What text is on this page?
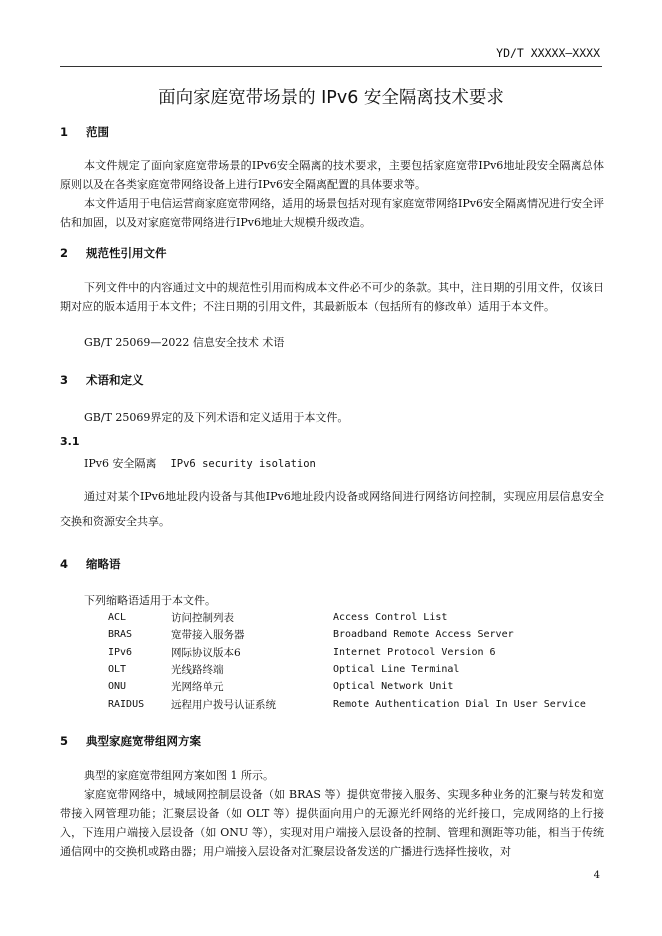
YD/T XXXXX—XXXX
面向家庭宽带场景的 IPv6 安全隔离技术要求
1 范围

本文件规定了面向家庭宽带场景的IPv6安全隔离的技术要求，主要包括家庭宽带IPv6地址段安全隔离总体原则以及在各类家庭宽带网络设备上进行IPv6安全隔离配置的具体要求等。

本文件适用于电信运营商家庭宽带网络，适用的场景包括对现有家庭宽带网络IPv6安全隔离情况进行安全评估和加固，以及对家庭宽带网络进行IPv6地址大规模升级改造。

2 规范性引用文件

下列文件中的内容通过文中的规范性引用而构成本文件必不可少的条款。其中，注日期的引用文件，仅该日期对应的版本适用于本文件；不注日期的引用文件，其最新版本（包括所有的修改单）适用于本文件。

GB/T 25069—2022 信息安全技术 术语
3 术语和定义
GB/T 25069界定的及下列术语和定义适用于本文件。
3.1
IPv6 安全隔离 IPv6 security isolation

通过对某个IPv6地址段内设备与其他IPv6地址段内设备或网络间进行网络访问控制，实现应用层信息安全交换和资源安全共享。

4 缩略语
下列缩略语适用于本文件。
ACL	访问控制列表	Access Control List
BRAS	宽带接入服务器	Broadband Remote Access Server
IPv6	网际协议版本6	Internet Protocol Version 6
OLT	光线路终端	Optical Line Terminal
ONU	光网络单元	Optical Network Unit
RAIDUS	远程用户拨号认证系统	Remote Authentication Dial In User Service
5 典型家庭宽带组网方案

典型的家庭宽带组网方案如图 1 所示。

家庭宽带网络中，城域网控制层设备（如 BRAS 等）提供宽带接入服务、实现多种业务的汇聚与转发和宽带接入网管理功能；汇聚层设备（如 OLT 等）提供面向用户的无源光纤网络的光纤接口，完成网络的上行接入，下连用户端接入层设备（如 ONU 等），实现对用户端接入层设备的控制、管理和测距等功能，相当于传统通信网中的交换机或路由器；用户端接入层设备对汇聚层设备发送的广播进行选择性接收，对

4
